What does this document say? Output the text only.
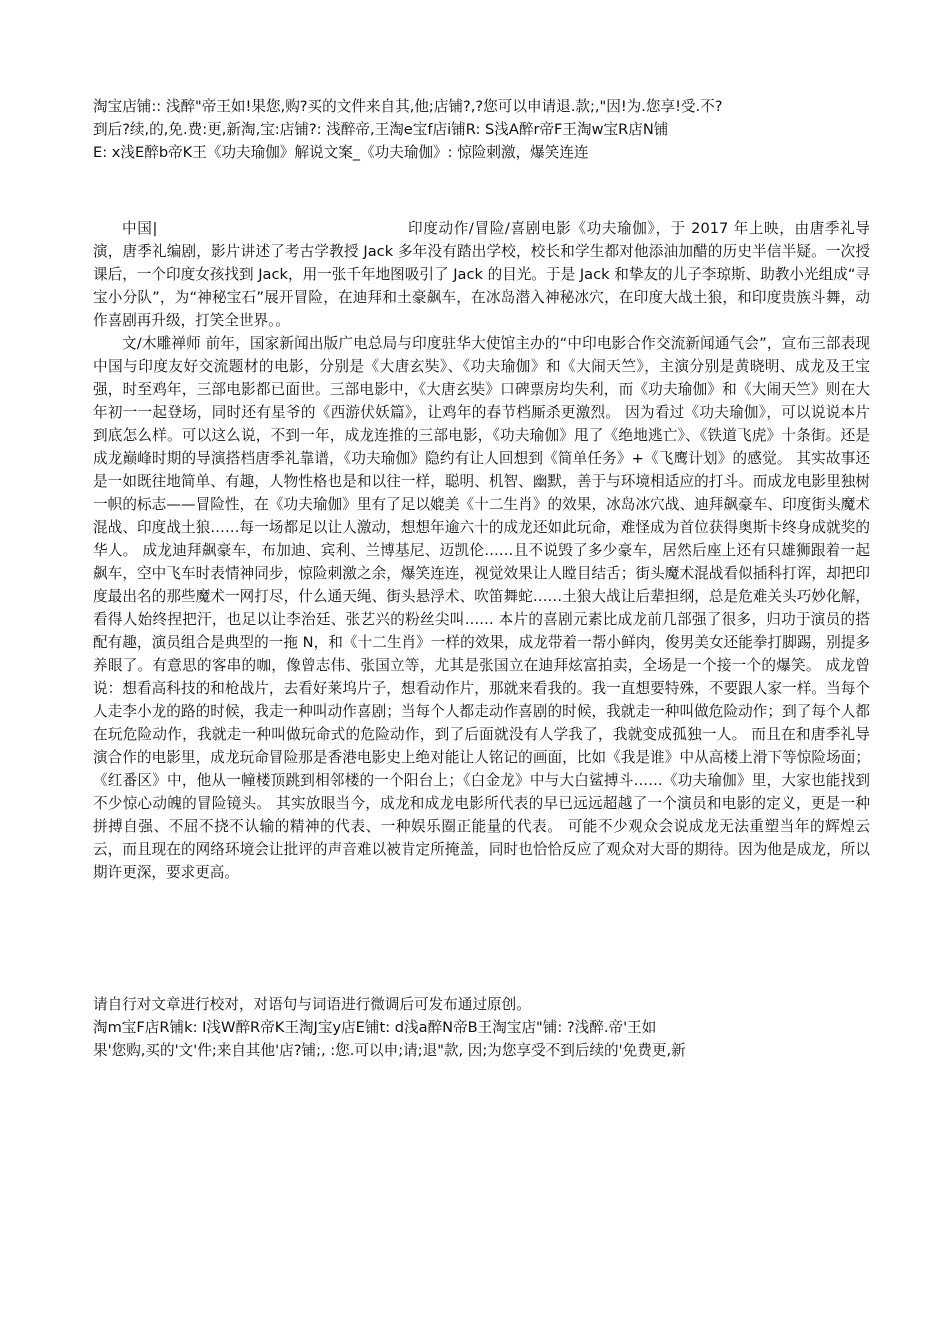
淘宝店铺:: 浅醉"帝王如!果您,购?买的文件来自其,他;店铺?,?您可以申请退.款;,"因!为.您享!受.不?
到后?续,的,免.费:更,新淘,宝:店铺?: 浅醉帝,王淘e宝f店i铺R: S浅A醉r帝F王淘w宝R店N铺
E: x浅E醉b帝K王《功夫瑜伽》解说文案_《功夫瑜伽》: 惊险刺激，爆笑连连
中国|	印度动作/冒险/喜剧电影《功夫瑜伽》，于 2017 年上映，由唐季礼导演，唐季礼编剧，影片讲述了考古学教授 Jack 多年没有踏出学校，校长和学生都对他添油加醋的历史半信半疑。一次授课后，一个印度女孩找到 Jack，用一张千年地图吸引了 Jack 的目光。于是 Jack 和挚友的儿子李琼斯、助教小光组成“寻宝小分队”，为“神秘宝石”展开冒险，在迪拜和土豪飙车，在冰岛潜入神秘冰穴，在印度大战土狼，和印度贵族斗舞，动作喜剧再升级，打笑全世界。。
文/木雕禅师 前年，国家新闻出版广电总局与印度驻华大使馆主办的“中印电影合作交流新闻通气会”，宣布三部表现中国与印度友好交流题材的电影，分别是《大唐玄奘》、《功夫瑜伽》和《大闹天竺》，主演分别是黄晓明、成龙及王宝强，时至鸡年，三部电影都已面世。三部电影中，《大唐玄奘》口碑票房均失利，而《功夫瑜伽》和《大闹天竺》则在大年初一一起登场，同时还有星爷的《西游伏妖篇》，让鸡年的春节档厮杀更激烈。 因为看过《功夫瑜伽》，可以说说本片到底怎么样。可以这么说，不到一年，成龙连推的三部电影，《功夫瑜伽》甩了《绝地逃亡》、《铁道飞虎》十条街。还是成龙巅峰时期的导演搭档唐季礼靠谱，《功夫瑜伽》隐约有让人回想到《简单任务》+《飞鹰计划》的感觉。 其实故事还是一如既往地简单、有趣，人物性格也是和以往一样，聪明、机智、幽默，善于与环境相适应的打斗。而成龙电影里独树一帜的标志——冒险性，在《功夫瑜伽》里有了足以媲美《十二生肖》的效果，冰岛冰穴战、迪拜飙豪车、印度街头魔术混战、印度战土狼……每一场都足以让人激动，想想年逾六十的成龙还如此玩命，难怪成为首位获得奥斯卡终身成就奖的华人。 成龙迪拜飙豪车，布加迪、宾利、兰博基尼、迈凯伦……且不说毁了多少豪车，居然后座上还有只雄狮跟着一起飙车，空中飞车时表情神同步，惊险刺激之余，爆笑连连，视觉效果让人瞠目结舌；街头魔术混战看似插科打诨，却把印度最出名的那些魔术一网打尽，什么通天绳、街头悬浮术、吹笛舞蛇……土狼大战让后辈担纲，总是危难关头巧妙化解，看得人始终捏把汗，也足以让李治廷、张艺兴的粉丝尖叫…… 本片的喜剧元素比成龙前几部强了很多，归功于演员的搭配有趣，演员组合是典型的一拖 N，和《十二生肖》一样的效果，成龙带着一帮小鲜肉，俊男美女还能拳打脚踢，别提多养眼了。有意思的客串的咖，像曾志伟、张国立等，尤其是张国立在迪拜炫富拍卖，全场是一个接一个的爆笑。 成龙曾说：想看高科技的和枪战片，去看好莱坞片子，想看动作片，那就来看我的。我一直想要特殊，不要跟人家一样。当每个人走李小龙的路的时候，我走一种叫动作喜剧；当每个人都走动作喜剧的时候，我就走一种叫做危险动作；到了每个人都在玩危险动作，我就走一种叫做玩命式的危险动作，到了后面就没有人学我了，我就变成孤独一人。 而且在和唐季礼导演合作的电影里，成龙玩命冒险那是香港电影史上绝对能让人铭记的画面，比如《我是谁》中从高楼上滑下等惊险场面；《红番区》中，他从一幢楼顶跳到相邻楼的一个阳台上；《白金龙》中与大白鲨搏斗……《功夫瑜伽》里，大家也能找到不少惊心动魄的冒险镜头。 其实放眼当今，成龙和成龙电影所代表的早已远远超越了一个演员和电影的定义，更是一种拼搏自强、不屈不挠不认输的精神的代表、一种娱乐圈正能量的代表。 可能不少观众会说成龙无法重塑当年的辉煌云云，而且现在的网络环境会让批评的声音难以被肯定所掩盖，同时也恰恰反应了观众对大哥的期待。因为他是成龙，所以期许更深，要求更高。
请自行对文章进行校对，对语句与词语进行微调后可发布通过原创。
淘m宝F店R铺k: I浅W醉R帝K王淘J宝y店E铺t: d浅a醉N帝B王淘宝店"铺: ?浅醉.帝'王如
果'您购,买的'文'件;来自其他'店?铺;, :您.可以申;请;退"款, 因;为您享受不到后续的'免费更,新
